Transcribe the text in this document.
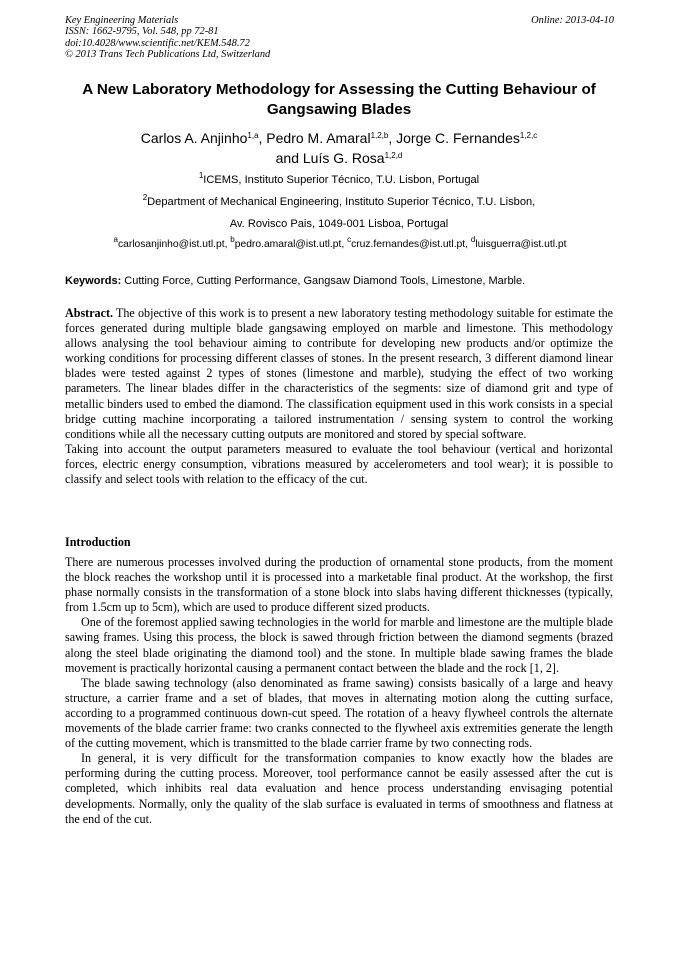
Key Engineering Materials
ISSN: 1662-9795, Vol. 548, pp 72-81
doi:10.4028/www.scientific.net/KEM.548.72
© 2013 Trans Tech Publications Ltd, Switzerland
Online: 2013-04-10
A New Laboratory Methodology for Assessing the Cutting Behaviour of Gangsawing Blades
Carlos A. Anjinho$^{1,a}$, Pedro M. Amaral$^{1,2,b}$, Jorge C. Fernandes$^{1,2,c}$
and Luís G. Rosa$^{1,2,d}$
$^1$ICEMS, Instituto Superior Técnico, T.U. Lisbon, Portugal
$^2$Department of Mechanical Engineering, Instituto Superior Técnico, T.U. Lisbon,
Av. Rovisco Pais, 1049-001 Lisboa, Portugal
$^a$carlosanjinho@ist.utl.pt, $^b$pedro.amaral@ist.utl.pt, $^c$cruz.fernandes@ist.utl.pt, $^d$luisguerra@ist.utl.pt
Keywords: Cutting Force, Cutting Performance, Gangsaw Diamond Tools, Limestone, Marble.

Abstract. The objective of this work is to present a new laboratory testing methodology suitable for estimate the forces generated during multiple blade gangsawing employed on marble and limestone. This methodology allows analysing the tool behaviour aiming to contribute for developing new products and/or optimize the working conditions for processing different classes of stones. In the present research, 3 different diamond linear blades were tested against 2 types of stones (limestone and marble), studying the effect of two working parameters. The linear blades differ in the characteristics of the segments: size of diamond grit and type of metallic binders used to embed the diamond. The classification equipment used in this work consists in a special bridge cutting machine incorporating a tailored instrumentation / sensing system to control the working conditions while all the necessary cutting outputs are monitored and stored by special software.

Taking into account the output parameters measured to evaluate the tool behaviour (vertical and horizontal forces, electric energy consumption, vibrations measured by accelerometers and tool wear); it is possible to classify and select tools with relation to the efficacy of the cut.

Introduction

There are numerous processes involved during the production of ornamental stone products, from the moment the block reaches the workshop until it is processed into a marketable final product. At the workshop, the first phase normally consists in the transformation of a stone block into slabs having different thicknesses (typically, from 1.5cm up to 5cm), which are used to produce different sized products.

One of the foremost applied sawing technologies in the world for marble and limestone are the multiple blade sawing frames. Using this process, the block is sawed through friction between the diamond segments (brazed along the steel blade originating the diamond tool) and the stone. In multiple blade sawing frames the blade movement is practically horizontal causing a permanent contact between the blade and the rock [1, 2].

The blade sawing technology (also denominated as frame sawing) consists basically of a large and heavy structure, a carrier frame and a set of blades, that moves in alternating motion along the cutting surface, according to a programmed continuous down-cut speed. The rotation of a heavy flywheel controls the alternate movements of the blade carrier frame: two cranks connected to the flywheel axis extremities generate the length of the cutting movement, which is transmitted to the blade carrier frame by two connecting rods.

In general, it is very difficult for the transformation companies to know exactly how the blades are performing during the cutting process. Moreover, tool performance cannot be easily assessed after the cut is completed, which inhibits real data evaluation and hence process understanding envisaging potential developments. Normally, only the quality of the slab surface is evaluated in terms of smoothness and flatness at the end of the cut.
